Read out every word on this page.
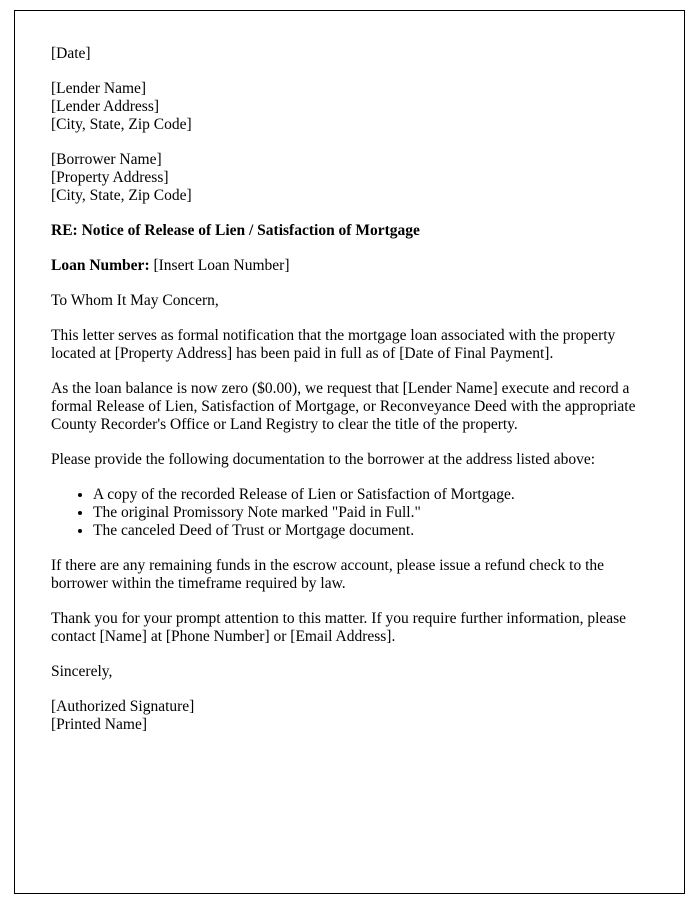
[Date]
[Lender Name]
[Lender Address]
[City, State, Zip Code]
[Borrower Name]
[Property Address]
[City, State, Zip Code]

RE: Notice of Release of Lien / Satisfaction of Mortgage

Loan Number: [Insert Loan Number]

To Whom It May Concern,

This letter serves as formal notification that the mortgage loan associated with the property located at [Property Address] has been paid in full as of [Date of Final Payment].

As the loan balance is now zero ($0.00), we request that [Lender Name] execute and record a formal Release of Lien, Satisfaction of Mortgage, or Reconveyance Deed with the appropriate County Recorder's Office or Land Registry to clear the title of the property.

Please provide the following documentation to the borrower at the address listed above:

• A copy of the recorded Release of Lien or Satisfaction of Mortgage.
• The original Promissory Note marked "Paid in Full."
• The canceled Deed of Trust or Mortgage document.

If there are any remaining funds in the escrow account, please issue a refund check to the borrower within the timeframe required by law.

Thank you for your prompt attention to this matter. If you require further information, please contact [Name] at [Phone Number] or [Email Address].

Sincerely,

[Authorized Signature]
[Printed Name]
